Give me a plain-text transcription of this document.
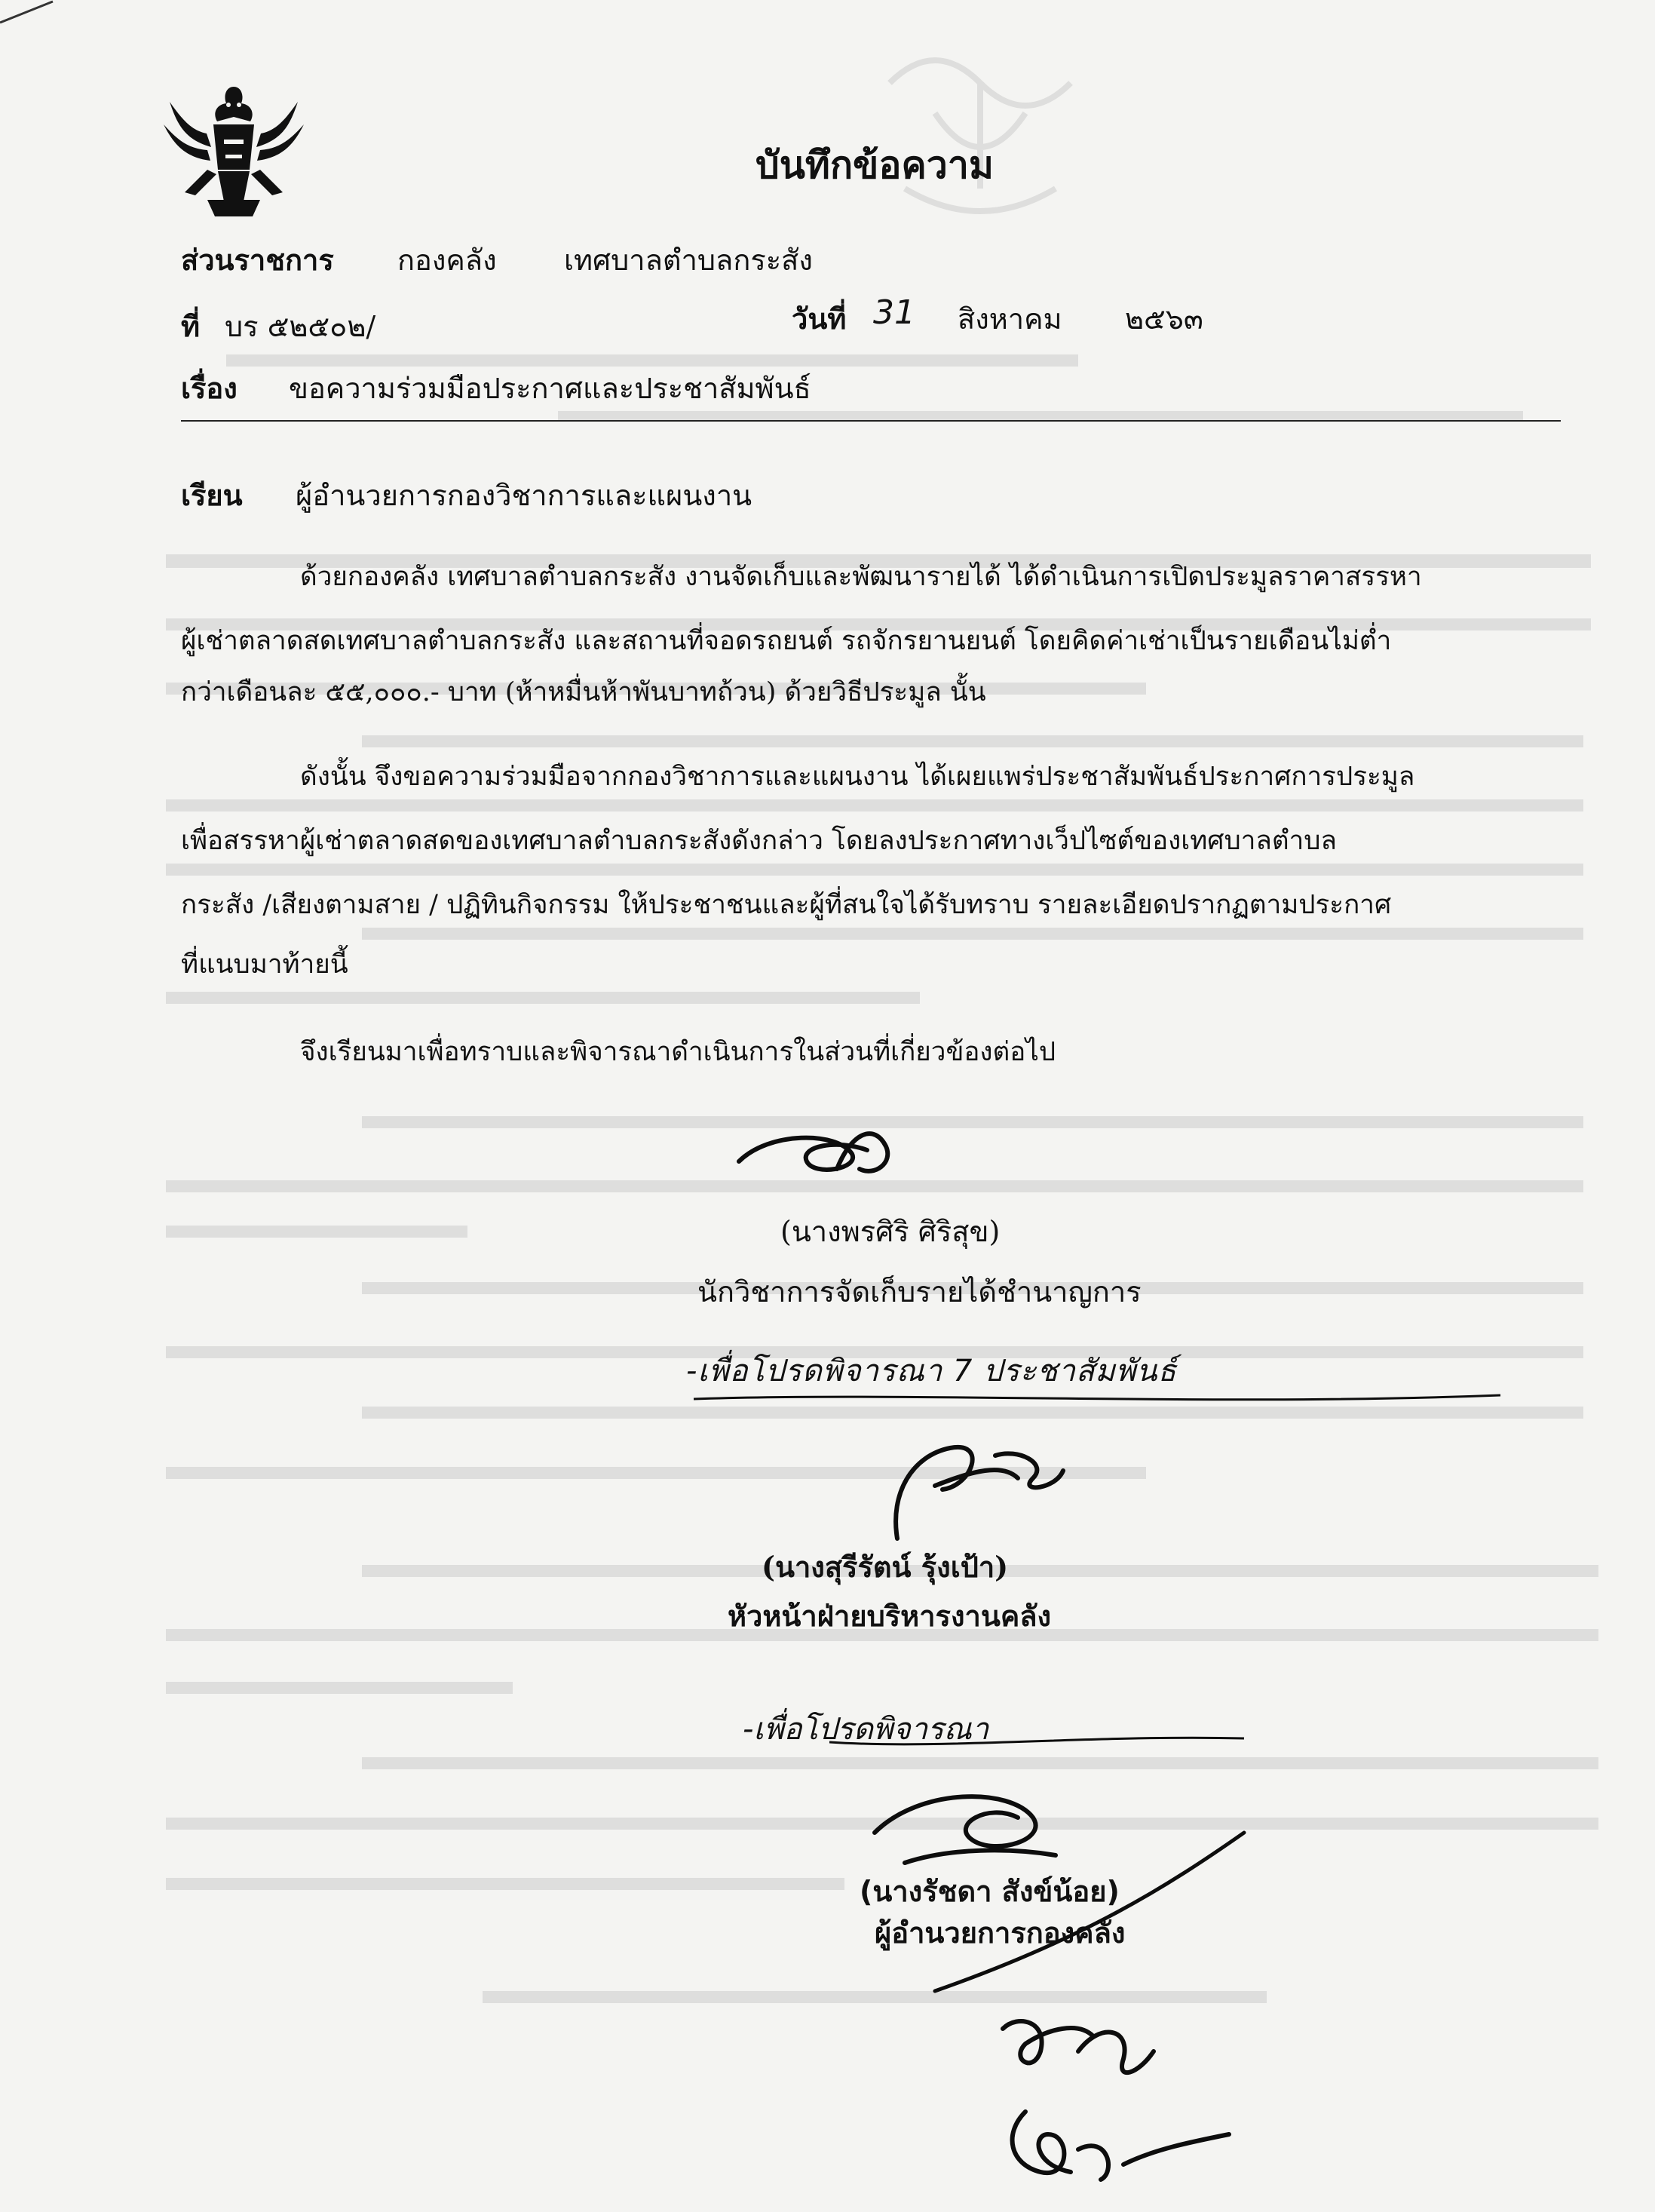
บันทึกข้อความ
ส่วนราชการ กองคลัง เทศบาลตำบลกระสัง
ที่ บร ๕๒๕๐๒/	วันที่ 31 สิงหาคม ๒๕๖๓
เรื่อง ขอความร่วมมือประกาศและประชาสัมพันธ์
เรียน ผู้อำนวยการกองวิชาการและแผนงาน
ด้วยกองคลัง เทศบาลตำบลกระสัง งานจัดเก็บและพัฒนารายได้ ได้ดำเนินการเปิดประมูลราคาสรรหา
ผู้เช่าตลาดสดเทศบาลตำบลกระสัง และสถานที่จอดรถยนต์ รถจักรยานยนต์ โดยคิดค่าเช่าเป็นรายเดือนไม่ต่ำ
กว่าเดือนละ ๕๕,๐๐๐.- บาท (ห้าหมื่นห้าพันบาทถ้วน) ด้วยวิธีประมูล นั้น
ดังนั้น จึงขอความร่วมมือจากกองวิชาการและแผนงาน ได้เผยแพร่ประชาสัมพันธ์ประกาศการประมูล
เพื่อสรรหาผู้เช่าตลาดสดของเทศบาลตำบลกระสังดังกล่าว โดยลงประกาศทางเว็ปไซต์ของเทศบาลตำบล
กระสัง /เสียงตามสาย / ปฏิทินกิจกรรม ให้ประชาชนและผู้ที่สนใจได้รับทราบ รายละเอียดปรากฏตามประกาศ
ที่แนบมาท้ายนี้
จึงเรียนมาเพื่อทราบและพิจารณาดำเนินการในส่วนที่เกี่ยวข้องต่อไป
(นางพรศิริ ศิริสุข)
นักวิชาการจัดเก็บรายได้ชำนาญการ
-เพื่อโปรดพิจารณา 7 ประชาสัมพันธ์
(นางสุรีรัตน์ รุ้งเป้า)
หัวหน้าฝ่ายบริหารงานคลัง
-เพื่อโปรดพิจารณา
(นางรัชดา สังข์น้อย)
ผู้อำนวยการกองคลัง
